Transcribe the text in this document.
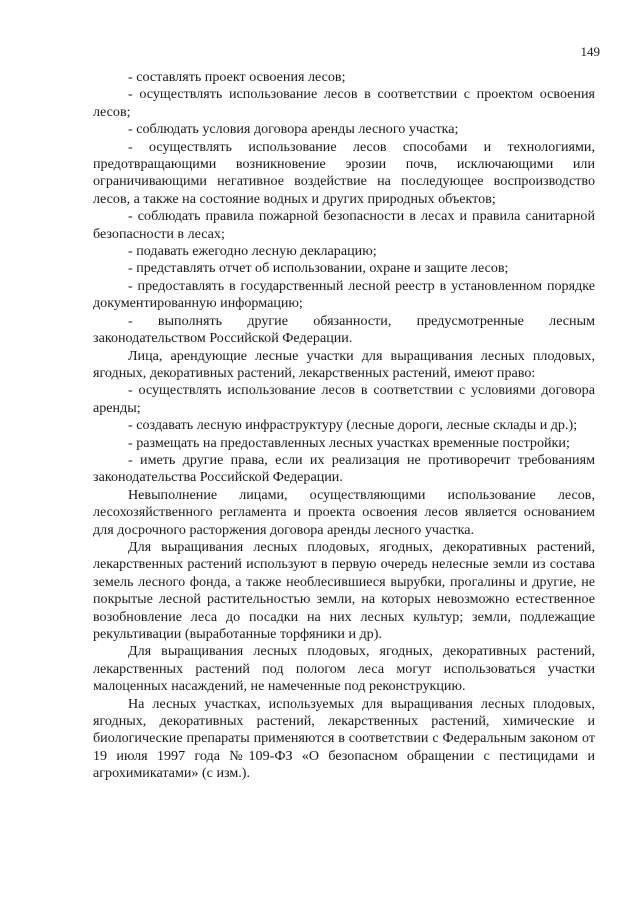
149

- составлять проект освоения лесов;

- осуществлять использование лесов в соответствии с проектом освоения лесов;

- соблюдать условия договора аренды лесного участка;

- осуществлять использование лесов способами и технологиями, предотвращающими возникновение эрозии почв, исключающими или ограничивающими негативное воздействие на последующее воспроизводство лесов, а также на состояние водных и других природных объектов;

- соблюдать правила пожарной безопасности в лесах и правила санитарной безопасности в лесах;

- подавать ежегодно лесную декларацию;

- представлять отчет об использовании, охране и защите лесов;

- предоставлять в государственный лесной реестр в установленном порядке документированную информацию;

- выполнять другие обязанности, предусмотренные лесным законодательством Российской Федерации.

Лица, арендующие лесные участки для выращивания лесных плодовых, ягодных, декоративных растений, лекарственных растений, имеют право:

- осуществлять использование лесов в соответствии с условиями договора аренды;

- создавать лесную инфраструктуру (лесные дороги, лесные склады и др.);

- размещать на предоставленных лесных участках временные постройки;

- иметь другие права, если их реализация не противоречит требованиям законодательства Российской Федерации.

Невыполнение лицами, осуществляющими использование лесов, лесохозяйственного регламента и проекта освоения лесов является основанием для досрочного расторжения договора аренды лесного участка.

Для выращивания лесных плодовых, ягодных, декоративных растений, лекарственных растений используют в первую очередь нелесные земли из состава земель лесного фонда, а также необлесившиеся вырубки, прогалины и другие, не покрытые лесной растительностью земли, на которых невозможно естественное возобновление леса до посадки на них лесных культур; земли, подлежащие рекультивации (выработанные торфяники и др).

Для выращивания лесных плодовых, ягодных, декоративных растений, лекарственных растений под пологом леса могут использоваться участки малоценных насаждений, не намеченные под реконструкцию.

На лесных участках, используемых для выращивания лесных плодовых, ягодных, декоративных растений, лекарственных растений, химические и биологические препараты применяются в соответствии с Федеральным законом от 19 июля 1997 года №109-ФЗ «О безопасном обращении с пестицидами и агрохимикатами» (с изм.).
